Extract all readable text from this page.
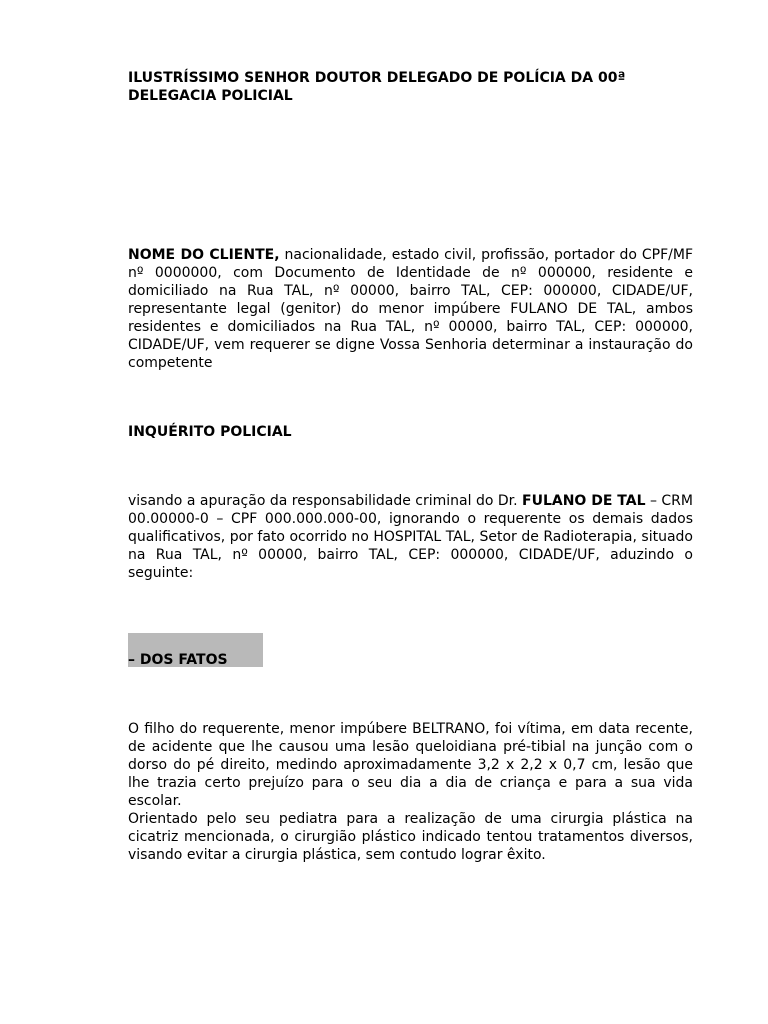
ILUSTRÍSSIMO SENHOR DOUTOR DELEGADO DE POLÍCIA DA 00ª
DELEGACIA POLICIAL

NOME DO CLIENTE, nacionalidade, estado civil, profissão, portador do CPF/MF nº 0000000, com Documento de Identidade de nº 000000, residente e domiciliado na Rua TAL, nº 00000, bairro TAL, CEP: 000000, CIDADE/UF, representante legal (genitor) do menor impúbere FULANO DE TAL, ambos residentes e domiciliados na Rua TAL, nº 00000, bairro TAL, CEP: 000000, CIDADE/UF, vem requerer se digne Vossa Senhoria determinar a instauração do competente

INQUÉRITO POLICIAL

visando a apuração da responsabilidade criminal do Dr. FULANO DE TAL – CRM 00.00000-0 – CPF 000.000.000-00, ignorando o requerente os demais dados qualificativos, por fato ocorrido no HOSPITAL TAL, Setor de Radioterapia, situado na Rua TAL, nº 00000, bairro TAL, CEP: 000000, CIDADE/UF, aduzindo o seguinte:

– DOS FATOS

O filho do requerente, menor impúbere BELTRANO, foi vítima, em data recente, de acidente que lhe causou uma lesão queloidiana pré-tibial na junção com o dorso do pé direito, medindo aproximadamente 3,2 x 2,2 x 0,7 cm, lesão que lhe trazia certo prejuízo para o seu dia a dia de criança e para a sua vida escolar.

Orientado pelo seu pediatra para a realização de uma cirurgia plástica na cicatriz mencionada, o cirurgião plástico indicado tentou tratamentos diversos, visando evitar a cirurgia plástica, sem contudo lograr êxito.
